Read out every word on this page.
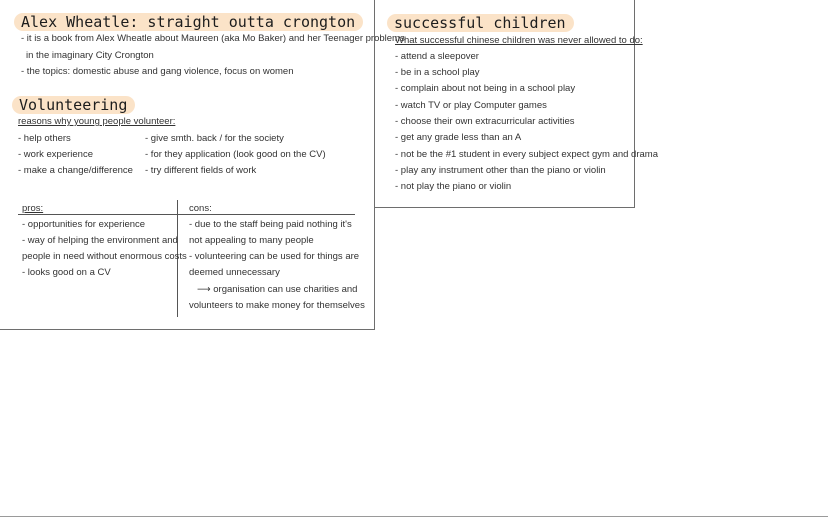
Alex Wheatle: straight outta crongton
- it is a book from Alex Wheatle about Maureen (aka Mo Baker) and her Teenager problems
in the imaginary City Crongton
- the topics: domestic abuse and gang violence, focus on women
Volunteering
reasons why young people volunteer:
- help others
- work experience
- make a change/difference
- give smth. back / for the society
- for they application (look good on the CV)
- try different fields of work
pros:	cons:
- opportunities for experience
- way of helping the environment and
people in need without enormous costs
- looks good on a CV
- due to the staff being paid nothing it's
not appealing to many people
- volunteering can be used for things are
deemed unnecessary
⟶ organisation can use charities and
volunteers to make money for themselves
successful children
What successful chinese children was never allowed to do:
- attend a sleepover
- be in a school play
- complain about not being in a school play
- watch TV or play Computer games
- choose their own extracurricular activities
- get any grade less than an A
- not be the #1 student in every subject expect gym and drama
- play any instrument other than the piano or violin
- not play the piano or violin
